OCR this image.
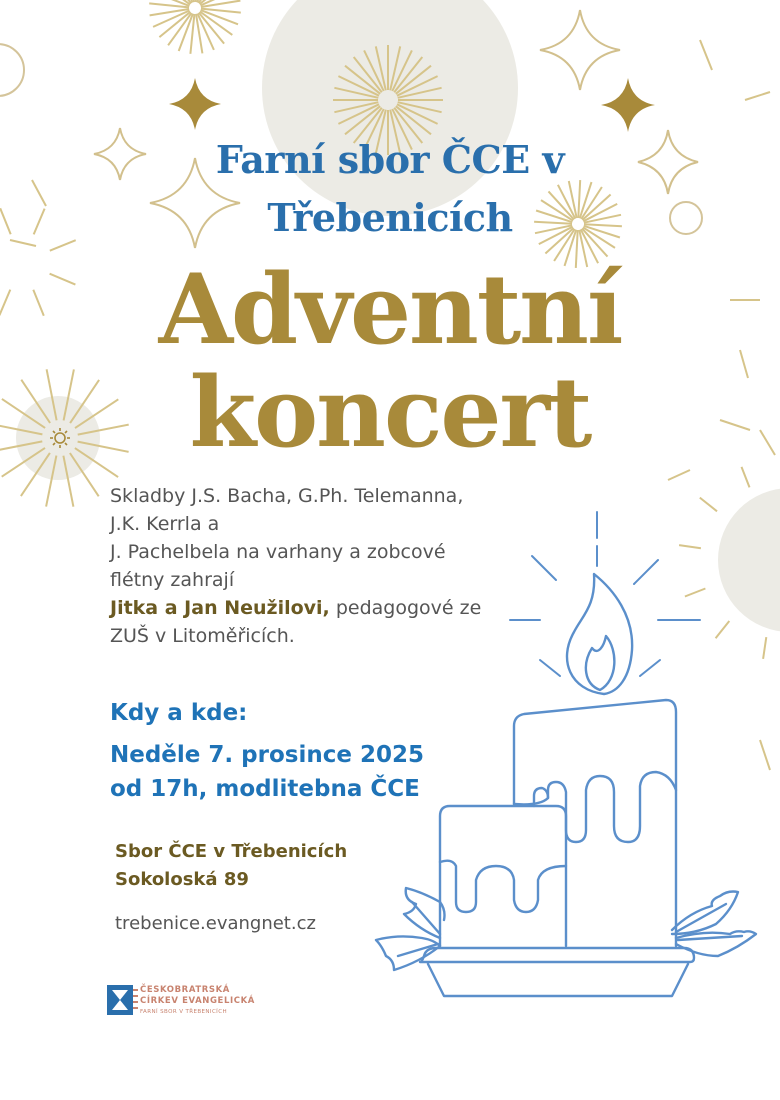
Farní sbor ČCE v

Třebenicích

Adventní

koncert

Skladby J.S. Bacha, G.Ph. Telemanna,
J.K. Kerrla a
J. Pachelbela na varhany a zobcové
flétny zahrají
Jitka a Jan Neužilovi, pedagogové ze
ZUŠ v Litoměřicích.
Kdy a kde:
Neděle 7. prosince 2025
od 17h, modlitebna ČCE
Sbor ČCE v Třebenicích
Sokoloská 89
trebenice.evangnet.cz
ČESKOBRATRSKÁ
CÍRKEV EVANGELICKÁ
FARNÍ SBOR V TŘEBENICÍCH
